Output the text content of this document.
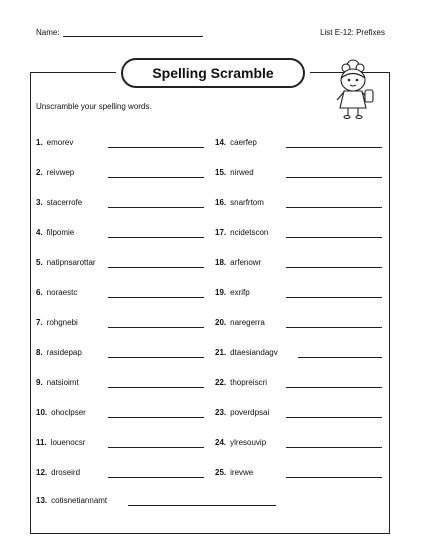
Name:	List E-12: Prefixes
Spelling Scramble
Unscramble your spelling words.
1. emorev
2. reivwep
3. stacerrofe
4. filpomie
5. natipnsarottar
6. noraestc
7. rohgnebi
8. rasidepap
9. natsioimt
10. ohoclpser
11. louenocsr
12. droseird
14. caerfep
15. nirwed
16. snarfrtom
17. ncidetscon
18. arfenowr
19. exrifp
20. naregerra
21. dtaesiandagv
22. thopreiscri
23. poverdpsai
24. ylresouvip
25. irevwe
13. cotisnetiannamt
